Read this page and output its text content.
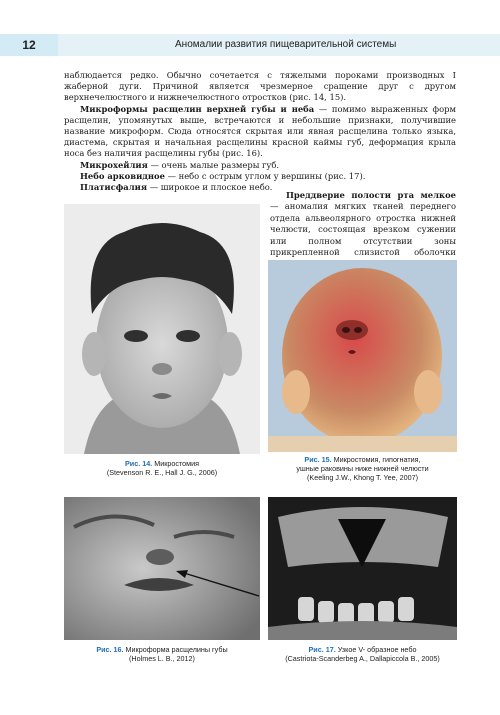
12	Аномалии развития пищеварительной системы

наблюдается редко. Обычно сочетается с тяжелыми пороками производных I жаберной дуги. Причиной является чрезмерное сращение друг с другом верхнечелюстного и нижнечелюстного отростков (рис. 14, 15).

Микроформы расщелин верхней губы и неба — помимо выраженных форм расщелин, упомянутых выше, встречаются и небольшие признаки, получившие название микроформ. Сюда относятся скрытая или явная расщелина только языка, диастема, скрытая и начальная расщелины красной каймы губ, деформация крыла носа без наличия расщелины губы (рис. 16).

Микрохейлия — очень малые размеры губ.

Небо арковидное — небо с острым углом у вершины (рис. 17).

Платисфалия — широкое и плоское небо.

Преддверие полости рта мелкое — аномалия мягких тканей переднего отдела альвеолярного отростка нижней челюсти, состоящая врезком сужении или полном отсутствии зоны прикрепленной слизистой оболочки

Рис. 14. Микростомия
(Stevenson R. E., Hall J. G., 2006)
Рис. 15. Микростомия, гипогнатия,
ушные раковины ниже нижней челюсти
(Keeling J.W., Khong T. Yee, 2007)
Рис. 16. Микроформа расщелины губы
(Holmes L. B., 2012)
Рис. 17. Узкое V- образное небо
(Castriota-Scanderbeg A., Dallapiccola B., 2005)
